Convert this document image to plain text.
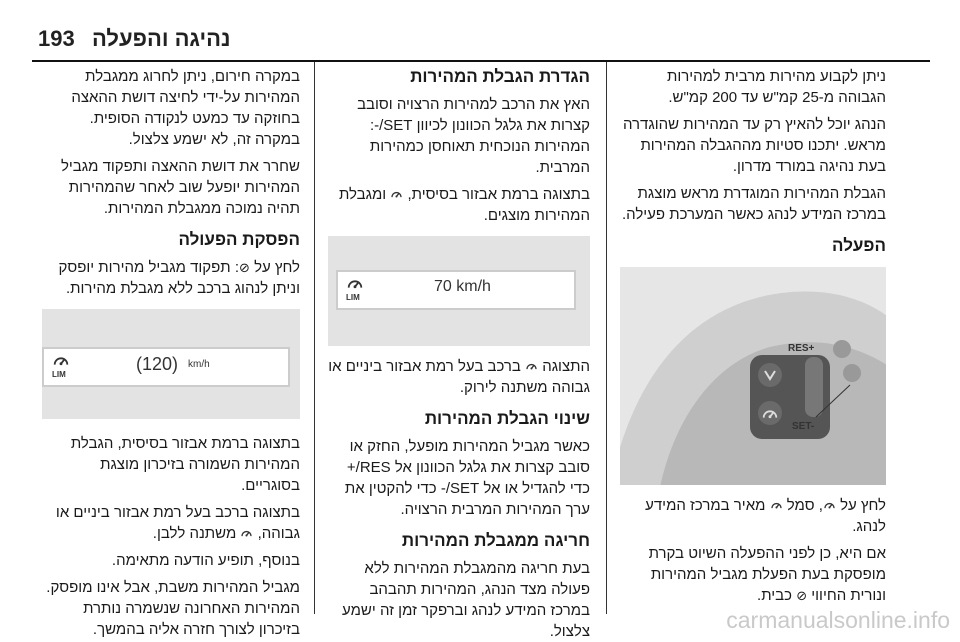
193 נהיגה והפעלה

ניתן לקבוע מהירות מרבית למהירות הגבוהה מ-25 קמ"ש עד 200 קמ"ש.

הנהג יוכל להאיץ רק עד המהירות שהוגדרה מראש. יתכנו סטיות מההגבלה המהירות בעת נהיגה במורד מדרון.

הגבלת המהירות המוגדרת מראש מוצגת במרכז המידע לנהג כאשר המערכת פעילה.

הפעלה
RES+
SET-

לחץ על , סמל  מאיר במרכז המידע לנהג.

אם היא, כן לפני ההפעלה השיוט בקרת מופסקת בעת הפעלת מגביל המהירות ונורית החיווי ⊘ כבית.

הגדרת הגבלת המהירות

האץ את הרכב למהירות הרצויה וסובב קצרות את גלגל הכוונון לכיוון SET/-: המהירות הנוכחית תאוחסן כמהירות המרבית.

בתצוגה ברמת אבזור בסיסית,  ומגבלת המהירות מוצגים.

LIM
70 km/h

התצוגה  ברכב בעל רמת אבזור ביניים או גבוהה משתנה לירוק.

שינוי הגבלת המהירות

כאשר מגביל המהירות מופעל, החזק או סובב קצרות את גלגל הכוונון אל RES/+ כדי להגדיל או אל SET/- כדי להקטין את ערך המהירות המרבית הרצויה.

חריגה ממגבלת המהירות

בעת חריגה מהמגבלת המהירות ללא פעולה מצד הנהג, המהירות תהבהב במרכז המידע לנהג וברפקר זמן זה ישמע צלצול.

במקרה חירום, ניתן לחרוג ממגבלת המהירות על-ידי לחיצה דושת ההאצה בחוזקה עד כמעט לנקודה הסופית. במקרה זה, לא ישמע צלצול.

שחרר את דושת ההאצה ותפקוד מגביל המהירות יופעל שוב לאחר שהמהירות תהיה נמוכה ממגבלת המהירות.

הפסקת הפעולה

לחץ על ⊘: תפקוד מגביל מהירות יופסק וניתן לנהוג ברכב ללא מגבלת מהירות.

LIM
(120) km/h

בתצוגה ברמת אבזור בסיסית, הגבלת המהירות השמורה בזיכרון מוצגת בסוגריים.

בתצוגה ברכב בעל רמת אבזור ביניים או גבוהה,  משתנה ללבן.

בנוסף, תופיע הודעה מתאימה.

מגביל המהירות משבת, אבל אינו מופסק. המהירות האחרונה שנשמרה נותרת בזיכרון לצורך חזרה אליה בהמשך.	carmanualsonline.info
